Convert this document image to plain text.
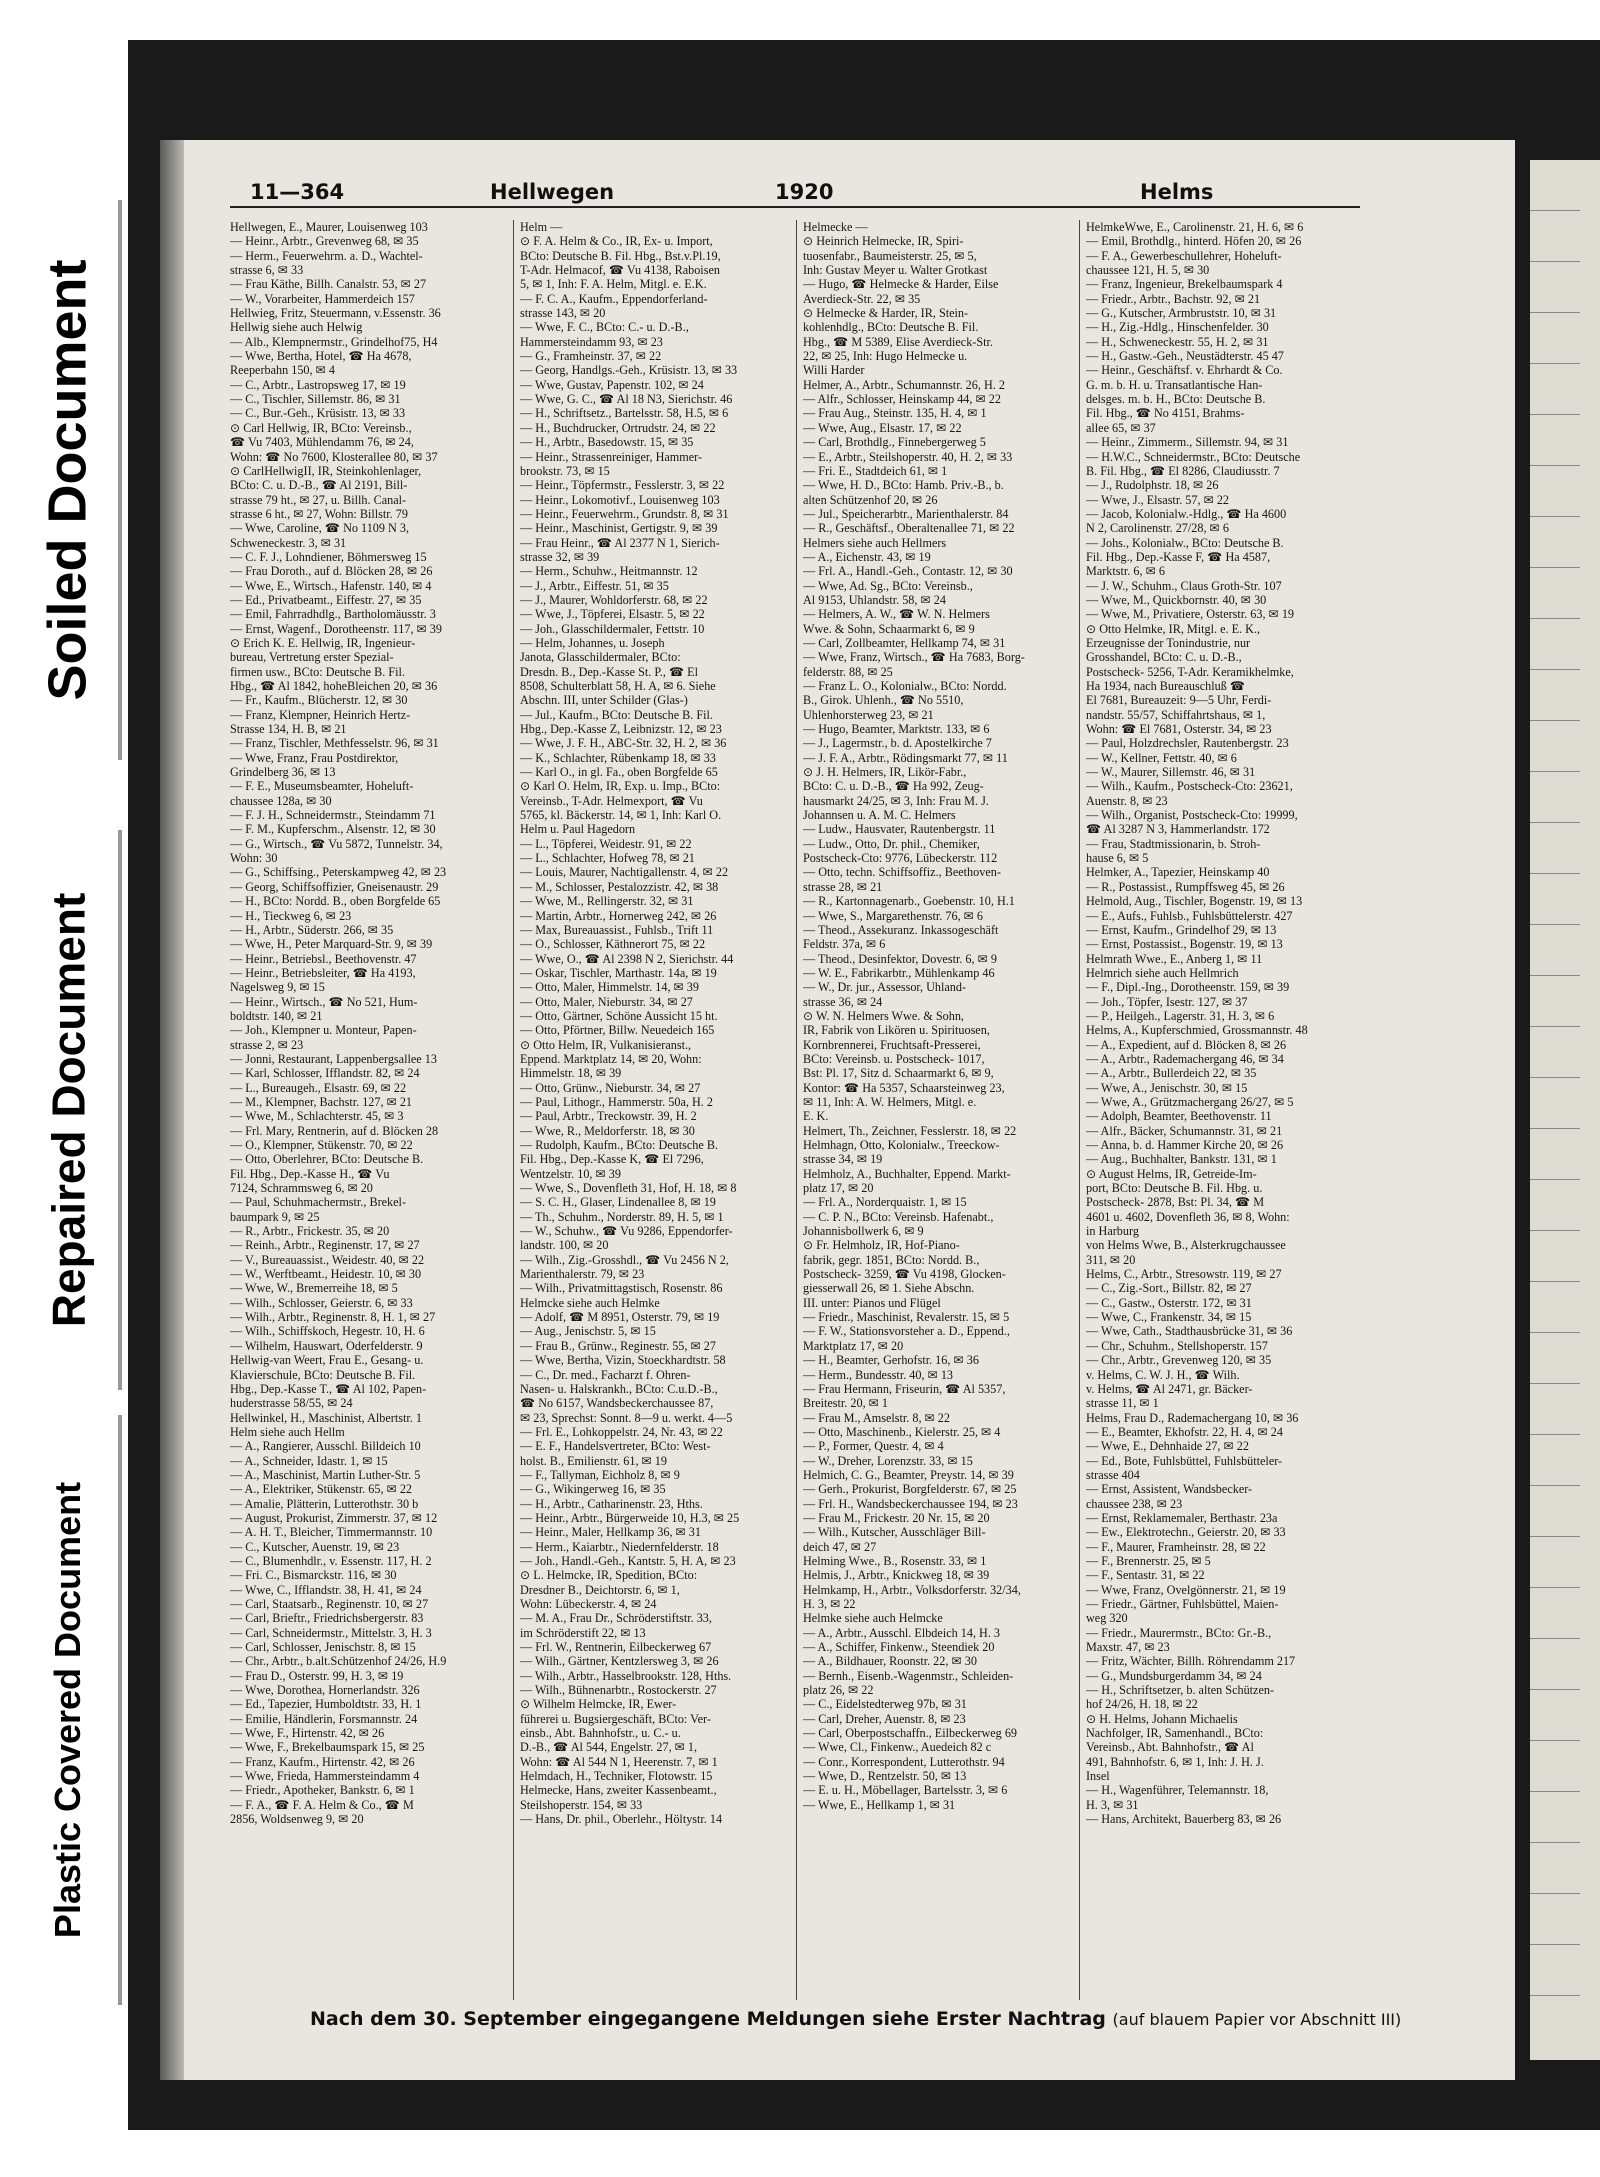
Soiled Document
Repaired Document
Plastic Covered Document
11—364	Hellwegen	1920	Helms
Hellwegen, E., Maurer, Louisenweg 103
— Heinr., Arbtr., Grevenweg 68, ✉ 35
— Herm., Feuerwehrm. a. D., Wachtel-
strasse 6, ✉ 33
— Frau Käthe, Billh. Canalstr. 53, ✉ 27
— W., Vorarbeiter, Hammerdeich 157
Hellwieg, Fritz, Steuermann, v.Essenstr. 36
Hellwig siehe auch Helwig
— Alb., Klempnermstr., Grindelhof75, H4
— Wwe, Bertha, Hotel, ☎ Ha 4678,
Reeperbahn 150, ✉ 4
— C., Arbtr., Lastropsweg 17, ✉ 19
— C., Tischler, Sillemstr. 86, ✉ 31
— C., Bur.-Geh., Krüsistr. 13, ✉ 33
⊙ Carl Hellwig, IR, BCto: Vereinsb.,
☎ Vu 7403, Mühlendamm 76, ✉ 24,
Wohn: ☎ No 7600, Klosterallee 80, ✉ 37
⊙ CarlHellwigII, IR, Steinkohlenlager,
BCto: C. u. D.-B., ☎ Al 2191, Bill-
strasse 79 ht., ✉ 27, u. Billh. Canal-
strasse 6 ht., ✉ 27, Wohn: Billstr. 79
— Wwe, Caroline, ☎ No 1109 N 3,
Schweneckestr. 3, ✉ 31
— C. F. J., Lohndiener, Böhmersweg 15
— Frau Doroth., auf d. Blöcken 28, ✉ 26
— Wwe, E., Wirtsch., Hafenstr. 140, ✉ 4
— Ed., Privatbeamt., Eiffestr. 27, ✉ 35
— Emil, Fahrradhdlg., Bartholomäusstr. 3
— Ernst, Wagenf., Dorotheenstr. 117, ✉ 39
⊙ Erich K. E. Hellwig, IR, Ingenieur-
bureau, Vertretung erster Spezial-
firmen usw., BCto: Deutsche B. Fil.
Hbg., ☎ Al 1842, hoheBleichen 20, ✉ 36
— Fr., Kaufm., Blücherstr. 12, ✉ 30
— Franz, Klempner, Heinrich Hertz-
Strasse 134, H. B, ✉ 21
— Franz, Tischler, Methfesselstr. 96, ✉ 31
— Wwe, Franz, Frau Postdirektor,
Grindelberg 36, ✉ 13
— F. E., Museumsbeamter, Hoheluft-
chaussee 128a, ✉ 30
— F. J. H., Schneidermstr., Steindamm 71
— F. M., Kupferschm., Alsenstr. 12, ✉ 30
— G., Wirtsch., ☎ Vu 5872, Tunnelstr. 34,
Wohn: 30
— G., Schiffsing., Peterskampweg 42, ✉ 23
— Georg, Schiffsoffizier, Gneisenaustr. 29
— H., BCto: Nordd. B., oben Borgfelde 65
— H., Tieckweg 6, ✉ 23
— H., Arbtr., Süderstr. 266, ✉ 35
— Wwe, H., Peter Marquard-Str. 9, ✉ 39
— Heinr., Betriebsl., Beethovenstr. 47
— Heinr., Betriebsleiter, ☎ Ha 4193,
Nagelsweg 9, ✉ 15
— Heinr., Wirtsch., ☎ No 521, Hum-
boldtstr. 140, ✉ 21
— Joh., Klempner u. Monteur, Papen-
strasse 2, ✉ 23
— Jonni, Restaurant, Lappenbergsallee 13
— Karl, Schlosser, Ifflandstr. 82, ✉ 24
— L., Bureaugeh., Elsastr. 69, ✉ 22
— M., Klempner, Bachstr. 127, ✉ 21
— Wwe, M., Schlachterstr. 45, ✉ 3
— Frl. Mary, Rentnerin, auf d. Blöcken 28
— O., Klempner, Stükenstr. 70, ✉ 22
— Otto, Oberlehrer, BCto: Deutsche B.
Fil. Hbg., Dep.-Kasse H., ☎ Vu
7124, Schrammsweg 6, ✉ 20
— Paul, Schuhmachermstr., Brekel-
baumpark 9, ✉ 25
— R., Arbtr., Frickestr. 35, ✉ 20
— Reinh., Arbtr., Reginenstr. 17, ✉ 27
— V., Bureauassist., Weidestr. 40, ✉ 22
— W., Werftbeamt., Heidestr. 10, ✉ 30
— Wwe, W., Bremerreihe 18, ✉ 5
— Wilh., Schlosser, Geierstr. 6, ✉ 33
— Wilh., Arbtr., Reginenstr. 8, H. 1, ✉ 27
— Wilh., Schiffskoch, Hegestr. 10, H. 6
— Wilhelm, Hauswart, Oderfelderstr. 9
Hellwig-van Weert, Frau E., Gesang- u.
Klavierschule, BCto: Deutsche B. Fil.
Hbg., Dep.-Kasse T., ☎ Al 102, Papen-
huderstrasse 58/55, ✉ 24
Hellwinkel, H., Maschinist, Albertstr. 1
Helm siehe auch Hellm
— A., Rangierer, Ausschl. Billdeich 10
— A., Schneider, Idastr. 1, ✉ 15
— A., Maschinist, Martin Luther-Str. 5
— A., Elektriker, Stükenstr. 65, ✉ 22
— Amalie, Plätterin, Lutterothstr. 30 b
— August, Prokurist, Zimmerstr. 37, ✉ 12
— A. H. T., Bleicher, Timmermannstr. 10
— C., Kutscher, Auenstr. 19, ✉ 23
— C., Blumenhdlr., v. Essenstr. 117, H. 2
— Fri. C., Bismarckstr. 116, ✉ 30
— Wwe, C., Ifflandstr. 38, H. 41, ✉ 24
— Carl, Staatsarb., Reginenstr. 10, ✉ 27
— Carl, Brieftr., Friedrichsbergerstr. 83
— Carl, Schneidermstr., Mittelstr. 3, H. 3
— Carl, Schlosser, Jenischstr. 8, ✉ 15
— Chr., Arbtr., b.alt.Schützenhof 24/26, H.9
— Frau D., Osterstr. 99, H. 3, ✉ 19
— Wwe, Dorothea, Hornerlandstr. 326
— Ed., Tapezier, Humboldtstr. 33, H. 1
— Emilie, Händlerin, Forsmannstr. 24
— Wwe, F., Hirtenstr. 42, ✉ 26
— Wwe, F., Brekelbaumspark 15, ✉ 25
— Franz, Kaufm., Hirtenstr. 42, ✉ 26
— Wwe, Frieda, Hammersteindamm 4
— Friedr., Apotheker, Bankstr. 6, ✉ 1
— F. A., ☎ F. A. Helm & Co., ☎ M
2856, Woldsenweg 9, ✉ 20
Helm —
⊙ F. A. Helm & Co., IR, Ex- u. Import,
BCto: Deutsche B. Fil. Hbg., Bst.v.Pl.19,
T-Adr. Helmacof, ☎ Vu 4138, Raboisen
5, ✉ 1, Inh: F. A. Helm, Mitgl. e. E.K.
— F. C. A., Kaufm., Eppendorferland-
strasse 143, ✉ 20
— Wwe, F. C., BCto: C.- u. D.-B.,
Hammersteindamm 93, ✉ 23
— G., Framheinstr. 37, ✉ 22
— Georg, Handlgs.-Geh., Krüsistr. 13, ✉ 33
— Wwe, Gustav, Papenstr. 102, ✉ 24
— Wwe, G. C., ☎ Al 18 N3, Sierichstr. 46
— H., Schriftsetz., Bartelsstr. 58, H.5, ✉ 6
— H., Buchdrucker, Ortrudstr. 24, ✉ 22
— H., Arbtr., Basedowstr. 15, ✉ 35
— Heinr., Strassenreiniger, Hammer-
brookstr. 73, ✉ 15
— Heinr., Töpfermstr., Fesslerstr. 3, ✉ 22
— Heinr., Lokomotivf., Louisenweg 103
— Heinr., Feuerwehrm., Grundstr. 8, ✉ 31
— Heinr., Maschinist, Gertigstr. 9, ✉ 39
— Frau Heinr., ☎ Al 2377 N 1, Sierich-
strasse 32, ✉ 39
— Herm., Schuhw., Heitmannstr. 12
— J., Arbtr., Eiffestr. 51, ✉ 35
— J., Maurer, Wohldorferstr. 68, ✉ 22
— Wwe, J., Töpferei, Elsastr. 5, ✉ 22
— Joh., Glasschildermaler, Fettstr. 10
— Helm, Johannes, u. Joseph
Janota, Glasschildermaler, BCto:
Dresdn. B., Dep.-Kasse St. P., ☎ El
8508, Schulterblatt 58, H. A, ✉ 6. Siehe
Abschn. III, unter Schilder (Glas-)
— Jul., Kaufm., BCto: Deutsche B. Fil.
Hbg., Dep.-Kasse Z, Leibnizstr. 12, ✉ 23
— Wwe, J. F. H., ABC-Str. 32, H. 2, ✉ 36
— K., Schlachter, Rübenkamp 18, ✉ 33
— Karl O., in gl. Fa., oben Borgfelde 65
⊙ Karl O. Helm, IR, Exp. u. Imp., BCto:
Vereinsb., T-Adr. Helmexport, ☎ Vu
5765, kl. Bäckerstr. 14, ✉ 1, Inh: Karl O.
Helm u. Paul Hagedorn
— L., Töpferei, Weidestr. 91, ✉ 22
— L., Schlachter, Hofweg 78, ✉ 21
— Louis, Maurer, Nachtigallenstr. 4, ✉ 22
— M., Schlosser, Pestalozzistr. 42, ✉ 38
— Wwe, M., Rellingerstr. 32, ✉ 31
— Martin, Arbtr., Hornerweg 242, ✉ 26
— Max, Bureauassist., Fuhlsb., Trift 11
— O., Schlosser, Käthnerort 75, ✉ 22
— Wwe, O., ☎ Al 2398 N 2, Sierichstr. 44
— Oskar, Tischler, Marthastr. 14a, ✉ 19
— Otto, Maler, Himmelstr. 14, ✉ 39
— Otto, Maler, Nieburstr. 34, ✉ 27
— Otto, Gärtner, Schöne Aussicht 15 ht.
— Otto, Pförtner, Billw. Neuedeich 165
⊙ Otto Helm, IR, Vulkanisieranst.,
Eppend. Marktplatz 14, ✉ 20, Wohn:
Himmelstr. 18, ✉ 39
— Otto, Grünw., Nieburstr. 34, ✉ 27
— Paul, Lithogr., Hammerstr. 50a, H. 2
— Paul, Arbtr., Treckowstr. 39, H. 2
— Wwe, R., Meldorferstr. 18, ✉ 30
— Rudolph, Kaufm., BCto: Deutsche B.
Fil. Hbg., Dep.-Kasse K, ☎ El 7296,
Wentzelstr. 10, ✉ 39
— Wwe, S., Dovenfleth 31, Hof, H. 18, ✉ 8
— S. C. H., Glaser, Lindenallee 8, ✉ 19
— Th., Schuhm., Norderstr. 89, H. 5, ✉ 1
— W., Schuhw., ☎ Vu 9286, Eppendorfer-
landstr. 100, ✉ 20
— Wilh., Zig.-Grosshdl., ☎ Vu 2456 N 2,
Marienthalerstr. 79, ✉ 23
— Wilh., Privatmittagstisch, Rosenstr. 86
Helmcke siehe auch Helmke
— Adolf, ☎ M 8951, Osterstr. 79, ✉ 19
— Aug., Jenischstr. 5, ✉ 15
— Frau B., Grünw., Reginestr. 55, ✉ 27
— Wwe, Bertha, Vizin, Stoeckhardtstr. 58
— C., Dr. med., Facharzt f. Ohren-
Nasen- u. Halskrankh., BCto: C.u.D.-B.,
☎ No 6157, Wandsbeckerchaussee 87,
✉ 23, Sprechst: Sonnt. 8—9 u. werkt. 4—5
— Frl. E., Lohkoppelstr. 24, Nr. 43, ✉ 22
— E. F., Handelsvertreter, BCto: West-
holst. B., Emilienstr. 61, ✉ 19
— F., Tallyman, Eichholz 8, ✉ 9
— G., Wikingerweg 16, ✉ 35
— H., Arbtr., Catharinenstr. 23, Hths.
— Heinr., Arbtr., Bürgerweide 10, H.3, ✉ 25
— Heinr., Maler, Hellkamp 36, ✉ 31
— Herm., Kaiarbtr., Niedernfelderstr. 18
— Joh., Handl.-Geh., Kantstr. 5, H. A, ✉ 23
⊙ L. Helmcke, IR, Spedition, BCto:
Dresdner B., Deichtorstr. 6, ✉ 1,
Wohn: Lübeckerstr. 4, ✉ 24
— M. A., Frau Dr., Schröderstiftstr. 33,
im Schröderstift 22, ✉ 13
— Frl. W., Rentnerin, Eilbeckerweg 67
— Wilh., Gärtner, Kentzlersweg 3, ✉ 26
— Wilh., Arbtr., Hasselbrookstr. 128, Hths.
— Wilh., Bühnenarbtr., Rostockerstr. 27
⊙ Wilhelm Helmcke, IR, Ewer-
führerei u. Bugsiergeschäft, BCto: Ver-
einsb., Abt. Bahnhofstr., u. C.- u.
D.-B., ☎ Al 544, Engelstr. 27, ✉ 1,
Wohn: ☎ Al 544 N 1, Heerenstr. 7, ✉ 1
Helmdach, H., Techniker, Flotowstr. 15
Helmecke, Hans, zweiter Kassenbeamt.,
Steilshoperstr. 154, ✉ 33
— Hans, Dr. phil., Oberlehr., Höltystr. 14
Helmecke —
⊙ Heinrich Helmecke, IR, Spiri-
tuosenfabr., Baumeisterstr. 25, ✉ 5,
Inh: Gustav Meyer u. Walter Grotkast
— Hugo, ☎ Helmecke & Harder, Eilse
Averdieck-Str. 22, ✉ 35
⊙ Helmecke & Harder, IR, Stein-
kohlenhdlg., BCto: Deutsche B. Fil.
Hbg., ☎ M 5389, Elise Averdieck-Str.
22, ✉ 25, Inh: Hugo Helmecke u.
Willi Harder
Helmer, A., Arbtr., Schumannstr. 26, H. 2
— Alfr., Schlosser, Heinskamp 44, ✉ 22
— Frau Aug., Steinstr. 135, H. 4, ✉ 1
— Wwe, Aug., Elsastr. 17, ✉ 22
— Carl, Brothdlg., Finnebergerweg 5
— E., Arbtr., Steilshoperstr. 40, H. 2, ✉ 33
— Fri. E., Stadtdeich 61, ✉ 1
— Wwe, H. D., BCto: Hamb. Priv.-B., b.
alten Schützenhof 20, ✉ 26
— Jul., Speicherarbtr., Marienthalerstr. 84
— R., Geschäftsf., Oberaltenallee 71, ✉ 22
Helmers siehe auch Hellmers
— A., Eichenstr. 43, ✉ 19
— Frl. A., Handl.-Geh., Contastr. 12, ✉ 30
— Wwe, Ad. Sg., BCto: Vereinsb.,
Al 9153, Uhlandstr. 58, ✉ 24
— Helmers, A. W., ☎ W. N. Helmers
Wwe. & Sohn, Schaarmarkt 6, ✉ 9
— Carl, Zollbeamter, Hellkamp 74, ✉ 31
— Wwe, Franz, Wirtsch., ☎ Ha 7683, Borg-
felderstr. 88, ✉ 25
— Franz L. O., Kolonialw., BCto: Nordd.
B., Girok. Uhlenh., ☎ No 5510,
Uhlenhorsterweg 23, ✉ 21
— Hugo, Beamter, Marktstr. 133, ✉ 6
— J., Lagermstr., b. d. Apostelkirche 7
— J. F. A., Arbtr., Rödingsmarkt 77, ✉ 11
⊙ J. H. Helmers, IR, Likör-Fabr.,
BCto: C. u. D.-B., ☎ Ha 992, Zeug-
hausmarkt 24/25, ✉ 3, Inh: Frau M. J.
Johannsen u. A. M. C. Helmers
— Ludw., Hausvater, Rautenbergstr. 11
— Ludw., Otto, Dr. phil., Chemiker,
Postscheck-Cto: 9776, Lübeckerstr. 112
— Otto, techn. Schiffsoffiz., Beethoven-
strasse 28, ✉ 21
— R., Kartonnagenarb., Goebenstr. 10, H.1
— Wwe, S., Margarethenstr. 76, ✉ 6
— Theod., Assekuranz. Inkassogeschäft
Feldstr. 37a, ✉ 6
— Theod., Desinfektor, Dovestr. 6, ✉ 9
— W. E., Fabrikarbtr., Mühlenkamp 46
— W., Dr. jur., Assessor, Uhland-
strasse 36, ✉ 24
⊙ W. N. Helmers Wwe. & Sohn,
IR, Fabrik von Likören u. Spirituosen,
Kornbrennerei, Fruchtsaft-Presserei,
BCto: Vereinsb. u. Postscheck- 1017,
Bst: Pl. 17, Sitz d. Schaarmarkt 6, ✉ 9,
Kontor: ☎ Ha 5357, Schaarsteinweg 23,
✉ 11, Inh: A. W. Helmers, Mitgl. e.
E. K.
Helmert, Th., Zeichner, Fesslerstr. 18, ✉ 22
Helmhagn, Otto, Kolonialw., Treeckow-
strasse 34, ✉ 19
Helmholz, A., Buchhalter, Eppend. Markt-
platz 17, ✉ 20
— Frl. A., Norderquaistr. 1, ✉ 15
— C. P. N., BCto: Vereinsb. Hafenabt.,
Johannisbollwerk 6, ✉ 9
⊙ Fr. Helmholz, IR, Hof-Piano-
fabrik, gegr. 1851, BCto: Nordd. B.,
Postscheck- 3259, ☎ Vu 4198, Glocken-
giesserwall 26, ✉ 1. Siehe Abschn.
III. unter: Pianos und Flügel
— Friedr., Maschinist, Revalerstr. 15, ✉ 5
— F. W., Stationsvorsteher a. D., Eppend.,
Marktplatz 17, ✉ 20
— H., Beamter, Gerhofstr. 16, ✉ 36
— Herm., Bundesstr. 40, ✉ 13
— Frau Hermann, Friseurin, ☎ Al 5357,
Breitestr. 20, ✉ 1
— Frau M., Amselstr. 8, ✉ 22
— Otto, Maschinenb., Kielerstr. 25, ✉ 4
— P., Former, Questr. 4, ✉ 4
— W., Dreher, Lorenzstr. 33, ✉ 15
Helmich, C. G., Beamter, Preystr. 14, ✉ 39
— Gerh., Prokurist, Borgfelderstr. 67, ✉ 25
— Frl. H., Wandsbeckerchaussee 194, ✉ 23
— Frau M., Frickestr. 20 Nr. 15, ✉ 20
— Wilh., Kutscher, Ausschläger Bill-
deich 47, ✉ 27
Helming Wwe., B., Rosenstr. 33, ✉ 1
Helmis, J., Arbtr., Knickweg 18, ✉ 39
Helmkamp, H., Arbtr., Volksdorferstr. 32/34,
H. 3, ✉ 22
Helmke siehe auch Helmcke
— A., Arbtr., Ausschl. Elbdeich 14, H. 3
— A., Schiffer, Finkenw., Steendiek 20
— A., Bildhauer, Roonstr. 22, ✉ 30
— Bernh., Eisenb.-Wagenmstr., Schleiden-
platz 26, ✉ 22
— C., Eidelstedterweg 97b, ✉ 31
— Carl, Dreher, Auenstr. 8, ✉ 23
— Carl, Oberpostschaffn., Eilbeckerweg 69
— Wwe, Cl., Finkenw., Auedeich 82 c
— Conr., Korrespondent, Lutterothstr. 94
— Wwe, D., Rentzelstr. 50, ✉ 13
— E. u. H., Möbellager, Bartelsstr. 3, ✉ 6
— Wwe, E., Hellkamp 1, ✉ 31
HelmkeWwe, E., Carolinenstr. 21, H. 6, ✉ 6
— Emil, Brothdlg., hinterd. Höfen 20, ✉ 26
— F. A., Gewerbeschullehrer, Hoheluft-
chaussee 121, H. 5, ✉ 30
— Franz, Ingenieur, Brekelbaumspark 4
— Friedr., Arbtr., Bachstr. 92, ✉ 21
— G., Kutscher, Armbruststr. 10, ✉ 31
— H., Zig.-Hdlg., Hinschenfelder. 30
— H., Schweneckestr. 55, H. 2, ✉ 31
— H., Gastw.-Geh., Neustädterstr. 45 47
— Heinr., Geschäftsf. v. Ehrhardt & Co.
G. m. b. H. u. Transatlantische Han-
delsges. m. b. H., BCto: Deutsche B.
Fil. Hbg., ☎ No 4151, Brahms-
allee 65, ✉ 37
— Heinr., Zimmerm., Sillemstr. 94, ✉ 31
— H.W.C., Schneidermstr., BCto: Deutsche
B. Fil. Hbg., ☎ El 8286, Claudiusstr. 7
— J., Rudolphstr. 18, ✉ 26
— Wwe, J., Elsastr. 57, ✉ 22
— Jacob, Kolonialw.-Hdlg., ☎ Ha 4600
N 2, Carolinenstr. 27/28, ✉ 6
— Johs., Kolonialw., BCto: Deutsche B.
Fil. Hbg., Dep.-Kasse F, ☎ Ha 4587,
Marktstr. 6, ✉ 6
— J. W., Schuhm., Claus Groth-Str. 107
— Wwe, M., Quickbornstr. 40, ✉ 30
— Wwe, M., Privatiere, Osterstr. 63, ✉ 19
⊙ Otto Helmke, IR, Mitgl. e. E. K.,
Erzeugnisse der Tonindustrie, nur
Grosshandel, BCto: C. u. D.-B.,
Postscheck- 5256, T-Adr. Keramikhelmke,
Ha 1934, nach Bureauschluß ☎
El 7681, Bureauzeit: 9—5 Uhr, Ferdi-
nandstr. 55/57, Schiffahrtshaus, ✉ 1,
Wohn: ☎ El 7681, Osterstr. 34, ✉ 23
— Paul, Holzdrechsler, Rautenbergstr. 23
— W., Kellner, Fettstr. 40, ✉ 6
— W., Maurer, Sillemstr. 46, ✉ 31
— Wilh., Kaufm., Postscheck-Cto: 23621,
Auenstr. 8, ✉ 23
— Wilh., Organist, Postscheck-Cto: 19999,
☎ Al 3287 N 3, Hammerlandstr. 172
— Frau, Stadtmissionarin, b. Stroh-
hause 6, ✉ 5
Helmker, A., Tapezier, Heinskamp 40
— R., Postassist., Rumpffsweg 45, ✉ 26
Helmold, Aug., Tischler, Bogenstr. 19, ✉ 13
— E., Aufs., Fuhlsb., Fuhlsbüttelerstr. 427
— Ernst, Kaufm., Grindelhof 29, ✉ 13
— Ernst, Postassist., Bogenstr. 19, ✉ 13
Helmrath Wwe., E., Anberg 1, ✉ 11
Helmrich siehe auch Hellmrich
— F., Dipl.-Ing., Dorotheenstr. 159, ✉ 39
— Joh., Töpfer, Isestr. 127, ✉ 37
— P., Heilgeh., Lagerstr. 31, H. 3, ✉ 6
Helms, A., Kupferschmied, Grossmannstr. 48
— A., Expedient, auf d. Blöcken 8, ✉ 26
— A., Arbtr., Rademachergang 46, ✉ 34
— A., Arbtr., Bullerdeich 22, ✉ 35
— Wwe, A., Jenischstr. 30, ✉ 15
— Wwe, A., Grützmachergang 26/27, ✉ 5
— Adolph, Beamter, Beethovenstr. 11
— Alfr., Bäcker, Schumannstr. 31, ✉ 21
— Anna, b. d. Hammer Kirche 20, ✉ 26
— Aug., Buchhalter, Bankstr. 131, ✉ 1
⊙ August Helms, IR, Getreide-Im-
port, BCto: Deutsche B. Fil. Hbg. u.
Postscheck- 2878, Bst: Pl. 34, ☎ M
4601 u. 4602, Dovenfleth 36, ✉ 8, Wohn:
in Harburg
von Helms Wwe, B., Alsterkrugchaussee
311, ✉ 20
Helms, C., Arbtr., Stresowstr. 119, ✉ 27
— C., Zig.-Sort., Billstr. 82, ✉ 27
— C., Gastw., Osterstr. 172, ✉ 31
— Wwe, C., Frankenstr. 34, ✉ 15
— Wwe, Cath., Stadthausbrücke 31, ✉ 36
— Chr., Schuhm., Stellshoperstr. 157
— Chr., Arbtr., Grevenweg 120, ✉ 35
v. Helms, C. W. J. H., ☎ Wilh.
v. Helms, ☎ Al 2471, gr. Bäcker-
strasse 11, ✉ 1
Helms, Frau D., Rademachergang 10, ✉ 36
— E., Beamter, Ekhofstr. 22, H. 4, ✉ 24
— Wwe, E., Dehnhaide 27, ✉ 22
— Ed., Bote, Fuhlsbüttel, Fuhlsbütteler-
strasse 404
— Ernst, Assistent, Wandsbecker-
chaussee 238, ✉ 23
— Ernst, Reklamemaler, Berthastr. 23a
— Ew., Elektrotechn., Geierstr. 20, ✉ 33
— F., Maurer, Framheinstr. 28, ✉ 22
— F., Brennerstr. 25, ✉ 5
— F., Sentastr. 31, ✉ 22
— Wwe, Franz, Ovelgönnerstr. 21, ✉ 19
— Friedr., Gärtner, Fuhlsbüttel, Maien-
weg 320
— Friedr., Maurermstr., BCto: Gr.-B.,
Maxstr. 47, ✉ 23
— Fritz, Wächter, Billh. Röhrendamm 217
— G., Mundsburgerdamm 34, ✉ 24
— H., Schriftsetzer, b. alten Schützen-
hof 24/26, H. 18, ✉ 22
⊙ H. Helms, Johann Michaelis
Nachfolger, IR, Samenhandl., BCto:
Vereinsb., Abt. Bahnhofstr., ☎ Al
491, Bahnhofstr. 6, ✉ 1, Inh: J. H. J.
Insel
— H., Wagenführer, Telemannstr. 18,
H. 3, ✉ 31
— Hans, Architekt, Bauerberg 83, ✉ 26
Nach dem 30. September eingegangene Meldungen siehe Erster Nachtrag (auf blauem Papier vor Abschnitt III)
